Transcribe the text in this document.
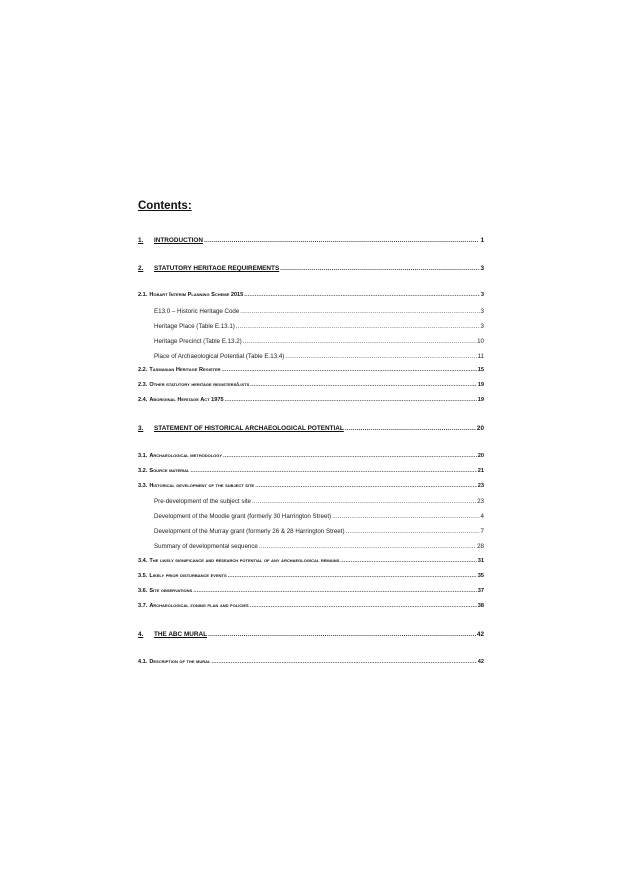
Contents:
1.	INTRODUCTION .....	1
2.	STATUTORY HERITAGE REQUIREMENTS .....	3
2.1. Hobart Interim Planning Scheme 2015 .....	3
E13.0 – Historic Heritage Code .....	3
Heritage Place (Table E.13.1) .....	3
Heritage Precinct (Table E.13.2) .....	10
Place of Archaeological Potential (Table E.13.4) .....	11
2.2. Tasmanian Heritage Register .....	15
2.3. Other statutory heritage registers/lists .....	19
2.4. Aboriginal Heritage Act 1975 .....	19
3.	STATEMENT OF HISTORICAL ARCHAEOLOGICAL POTENTIAL .....	20
3.1. Archaeological methodology .....	20
3.2. Source material .....	21
3.3. Historical development of the subject site .....	23
Pre-development of the subject site .....	23
Development of the Moodie grant (formerly 30 Harrington Street) .....	4
Development of the Murray grant (formerly 26 & 28 Harrington Street) .....	7
Summary of developmental sequence .....	28
3.4. The likely significance and research potential of any archaeological remains .....	31
3.5. Likely prior disturbance events .....	35
3.6. Site observations .....	37
3.7. Archaeological zoning plan and policies .....	38
4.	THE ABC MURAL .....	42
4.1. Description of the mural .....	42
